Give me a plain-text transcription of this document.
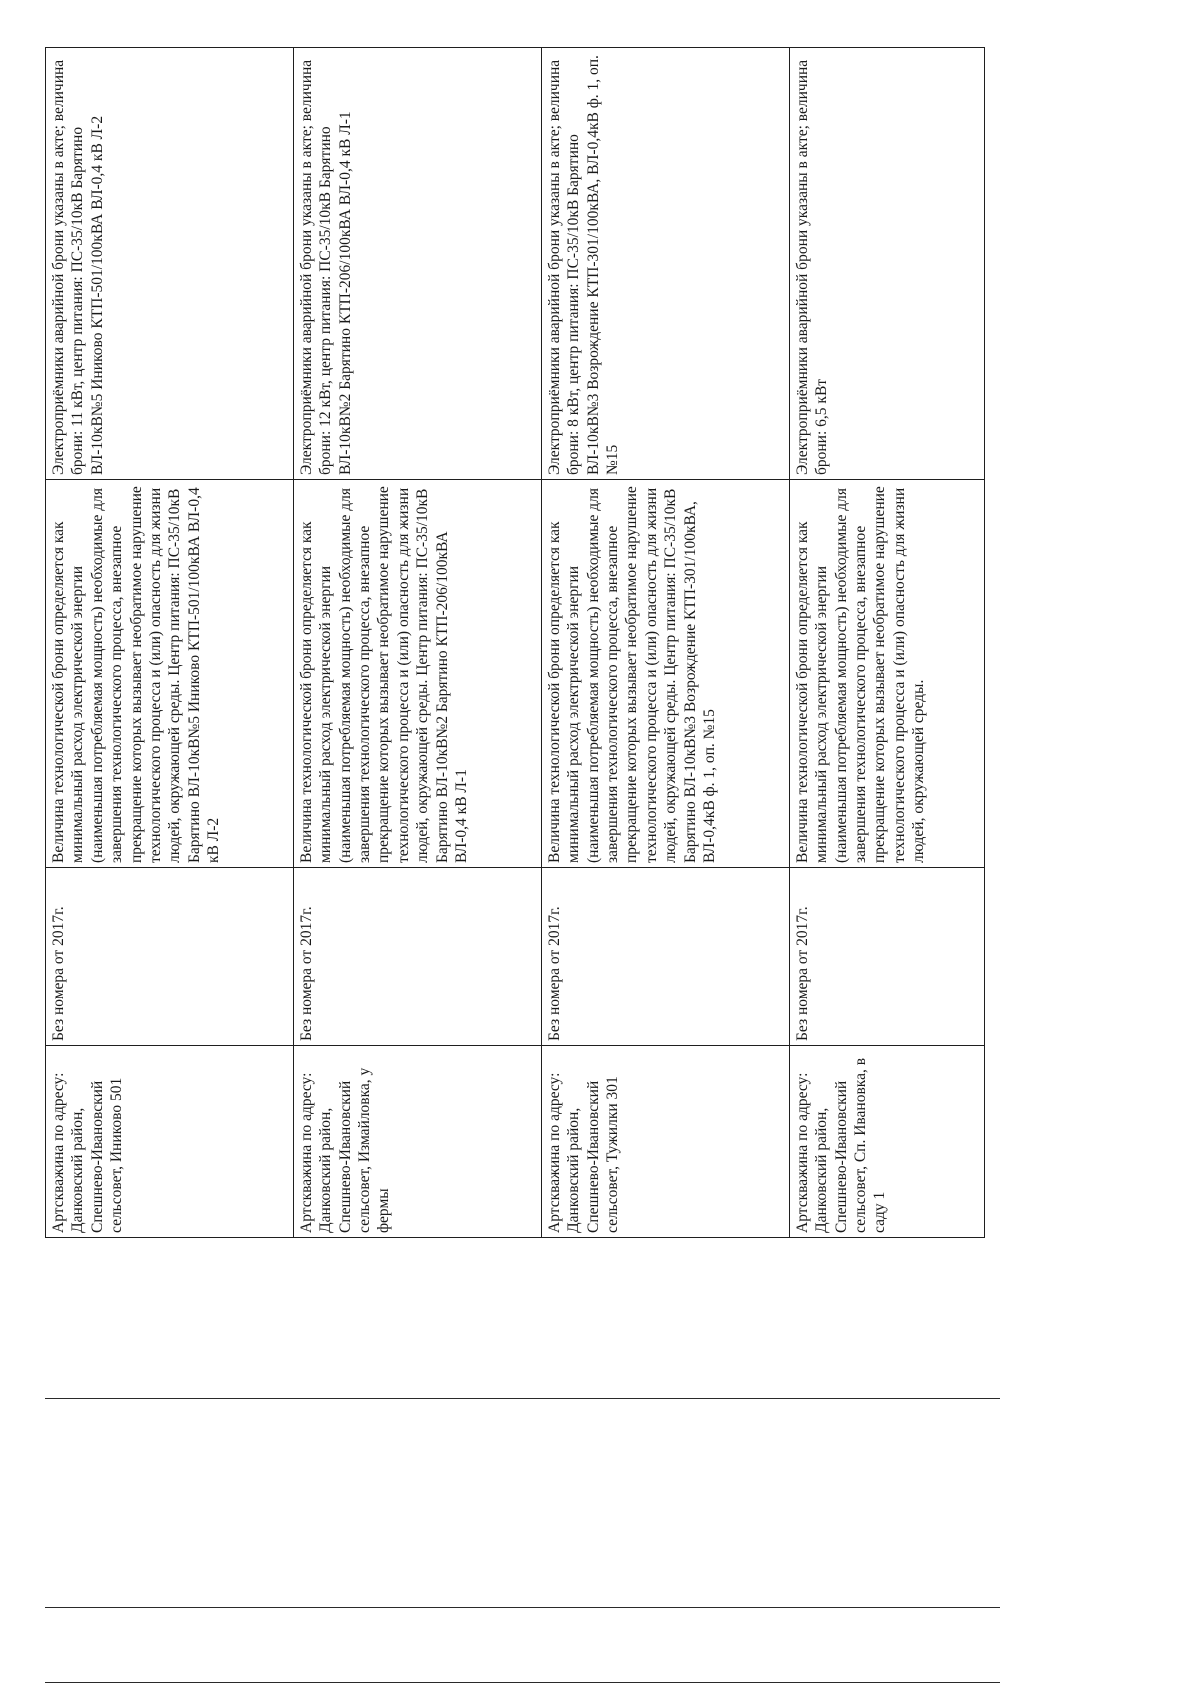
Артскважина по адресу: Данковский район, Спешнево-Ивановский сельсовет, Иниково 501	Без номера от 2017г.	Величина технологической брони определяется как минимальный расход электрической энергии (наименьшая потребляемая мощность) необходимые для завершения технологического процесса, внезапное прекращение которых вызывает необратимое нарушение технологического процесса и (или) опасность для жизни людей, окружающей среды. Центр питания: ПС-35/10кВ Барятино ВЛ-10кВ№5 Иниково КТП-501/100кВА ВЛ-0,4 кВ Л-2	Электроприёмники аварийной брони указаны в акте; величина брони: 11 кВт, центр питания: ПС-35/10кВ Барятино ВЛ-10кВ№5 Иниково КТП-501/100кВА ВЛ-0,4 кВ Л-2

Артскважина по адресу: Данковский район, Спешнево-Ивановский сельсовет, Измайловка, у фермы	Без номера от 2017г.	Величина технологической брони определяется как минимальный расход электрической энергии (наименьшая потребляемая мощность) необходимые для завершения технологического процесса, внезапное прекращение которых вызывает необратимое нарушение технологического процесса и (или) опасность для жизни людей, окружающей среды. Центр питания: ПС-35/10кВ Барятино ВЛ-10кВ№2 Барятино КТП-206/100кВА ВЛ-0,4 кВ Л-1	Электроприёмники аварийной брони указаны в акте; величина брони: 12 кВт, центр питания: ПС-35/10кВ Барятино ВЛ-10кВ№2 Барятино КТП-206/100кВА ВЛ-0,4 кВ Л-1

Артскважина по адресу: Данковский район, Спешнево-Ивановский сельсовет, Тужилки 301	Без номера от 2017г.	Величина технологической брони определяется как минимальный расход электрической энергии (наименьшая потребляемая мощность) необходимые для завершения технологического процесса, внезапное прекращение которых вызывает необратимое нарушение технологического процесса и (или) опасность для жизни людей, окружающей среды. Центр питания: ПС-35/10кВ Барятино ВЛ-10кВ№3 Возрождение КТП-301/100кВА, ВЛ-0,4кВ ф. 1, оп. №15	Электроприёмники аварийной брони указаны в акте; величина брони: 8 кВт, центр питания: ПС-35/10кВ Барятино ВЛ-10кВ№3 Возрождение КТП-301/100кВА, ВЛ-0,4кВ ф. 1, оп. №15

Артскважина по адресу: Данковский район, Спешнево-Ивановский сельсовет, Сп. Ивановка, в саду 1	Без номера от 2017г.	Величина технологической брони определяется как минимальный расход электрической энергии (наименьшая потребляемая мощность) необходимые для завершения технологического процесса, внезапное прекращение которых вызывает необратимое нарушение технологического процесса и (или) опасность для жизни людей, окружающей среды.	Электроприёмники аварийной брони указаны в акте; величина брони: 6,5 кВт
